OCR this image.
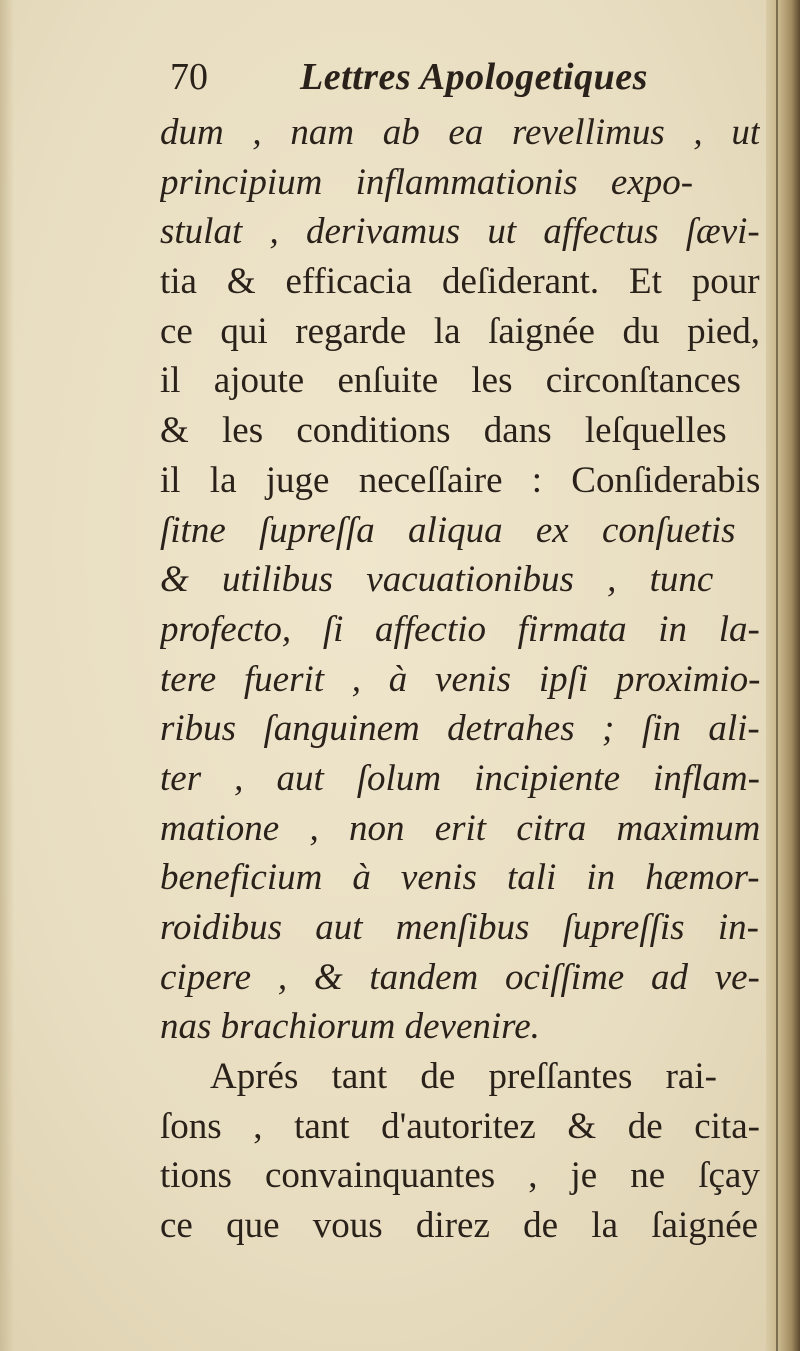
70 Lettres Apologetiques
dum , nam ab ea revellimus , ut
principium inflammationis expo-
stulat , derivamus ut affectus ſævi-
tia & efficacia deſiderant. Et pour
ce qui regarde la ſaignée du pied,
il ajoute enſuite les circonſtances
& les conditions dans leſquelles
il la juge neceſſaire : Conſiderabis
ſitne ſupreſſa aliqua ex conſuetis
& utilibus vacuationibus , tunc
profecto, ſi affectio firmata in la-
tere fuerit , à venis ipſi proximio-
ribus ſanguinem detrahes ; ſin ali-
ter , aut ſolum incipiente inflam-
matione , non erit citra maximum
beneficium à venis tali in hæmor-
roidibus aut menſibus ſupreſſis in-
cipere , & tandem ociſſime ad ve-
nas brachiorum devenire.
Aprés tant de preſſantes rai-
ſons , tant d'autoritez & de cita-
tions convainquantes , je ne ſçay
ce que vous direz de la ſaignée
